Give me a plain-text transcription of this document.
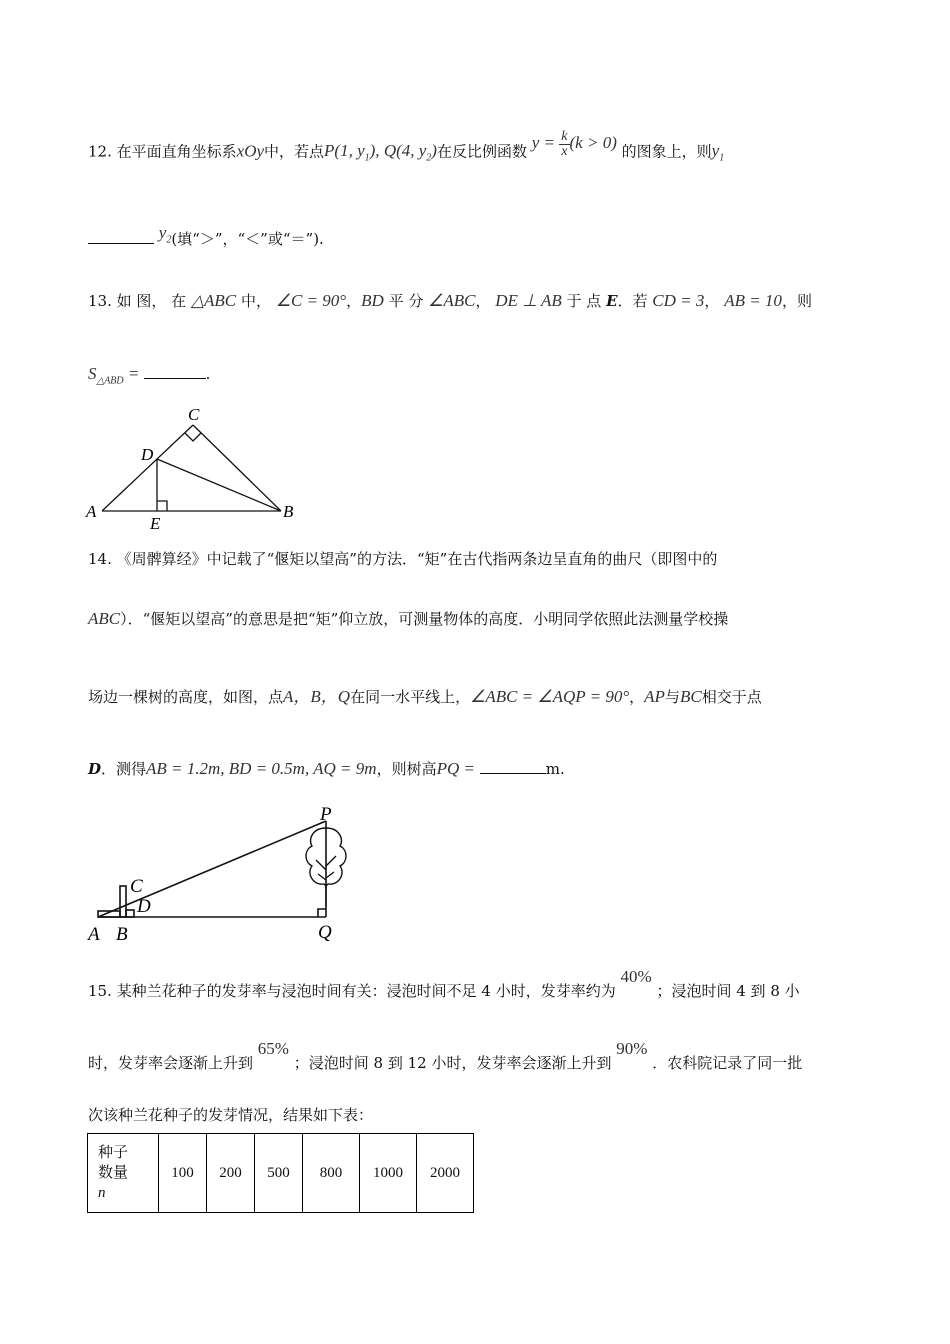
12. 在平面直角坐标系xOy中，若点P(1, $y_1$), Q(4, $y_2$)在反比例函数 $y = \frac{k}{x} (k > 0)$ 的图象上，则$y_1$
$y_2$(填“＞”，“＜”或“＝”).
13. 如 图， 在 △ABC 中， ∠C = 90°，BD 平 分 ∠ABC， DE ⊥ AB 于 点 E．若 CD = 3， AB = 10，则
$S_{\triangle ABD}$ =	.
C
D
A	B
E
14. 《周髀算经》中记载了“偃矩以望高”的方法．“矩”在古代指两条边呈直角的曲尺（即图中的
ABC）．“偃矩以望高”的意思是把“矩”仰立放，可测量物体的高度．小明同学依照此法测量学校操
场边一棵树的高度，如图，点A，B，Q在同一水平线上，∠ABC = ∠AQP = 90°，AP与BC相交于点
D．测得AB = 1.2m, BD = 0.5m, AQ = 9m，则树高PQ =	m.
P
C
D
A B	Q
15. 某种兰花种子的发芽率与浸泡时间有关：浸泡时间不足 4 小时，发芽率约为 40% ；浸泡时间 4 到 8 小
时，发芽率会逐渐上升到 65% ；浸泡时间 8 到 12 小时，发芽率会逐渐上升到 90% ．农科院记录了同一批
次该种兰花种子的发芽情况，结果如下表：
种子
数量
n
	100	200	500	800	1000	2000
